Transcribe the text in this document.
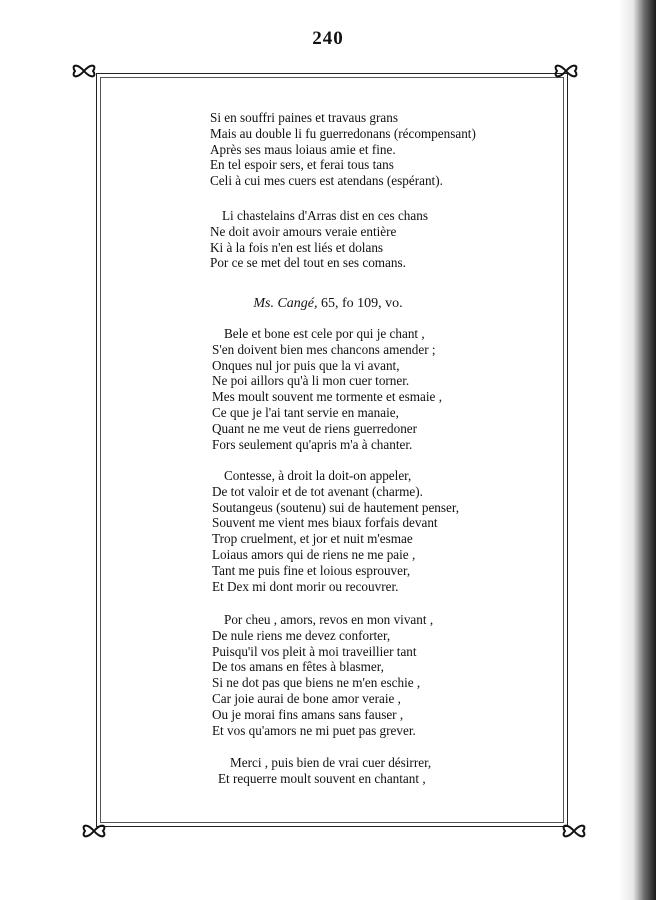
240
Si en souffri paines et travaus grans
Mais au double li fu guerredonans (récompensant)
Après ses maus loiaus amie et fine.
En tel espoir sers, et ferai tous tans
Celi à cui mes cuers est atendans (espérant).
Li chastelains d'Arras dist en ces chans
Ne doit avoir amours veraie entière
Ki à la fois n'en est liés et dolans
Por ce se met del tout en ses comans.
Ms. Cangé, 65, fo 109, vo.
Bele et bone est cele por qui je chant ,
S'en doivent bien mes chancons amender ;
Onques nul jor puis que la vi avant,
Ne poi aillors qu'à li mon cuer torner.
Mes moult souvent me tormente et esmaie ,
Ce que je l'ai tant servie en manaie,
Quant ne me veut de riens guerredoner
Fors seulement qu'apris m'a à chanter.
Contesse, à droit la doit-on appeler,
De tot valoir et de tot avenant (charme).
Soutangeus (soutenu) sui de hautement penser,
Souvent me vient mes biaux forfais devant
Trop cruelment, et jor et nuit m'esmae
Loiaus amors qui de riens ne me paie ,
Tant me puis fine et loious esprouver,
Et Dex mi dont morir ou recouvrer.
Por cheu , amors, revos en mon vivant ,
De nule riens me devez conforter,
Puisqu'il vos pleit à moi traveillier tant
De tos amans en fêtes à blasmer,
Si ne dot pas que biens ne m'en eschie ,
Car joie aurai de bone amor veraie ,
Ou je morai fins amans sans fauser ,
Et vos qu'amors ne mi puet pas grever.
Merci , puis bien de vrai cuer désirrer,
Et requerre moult souvent en chantant ,
